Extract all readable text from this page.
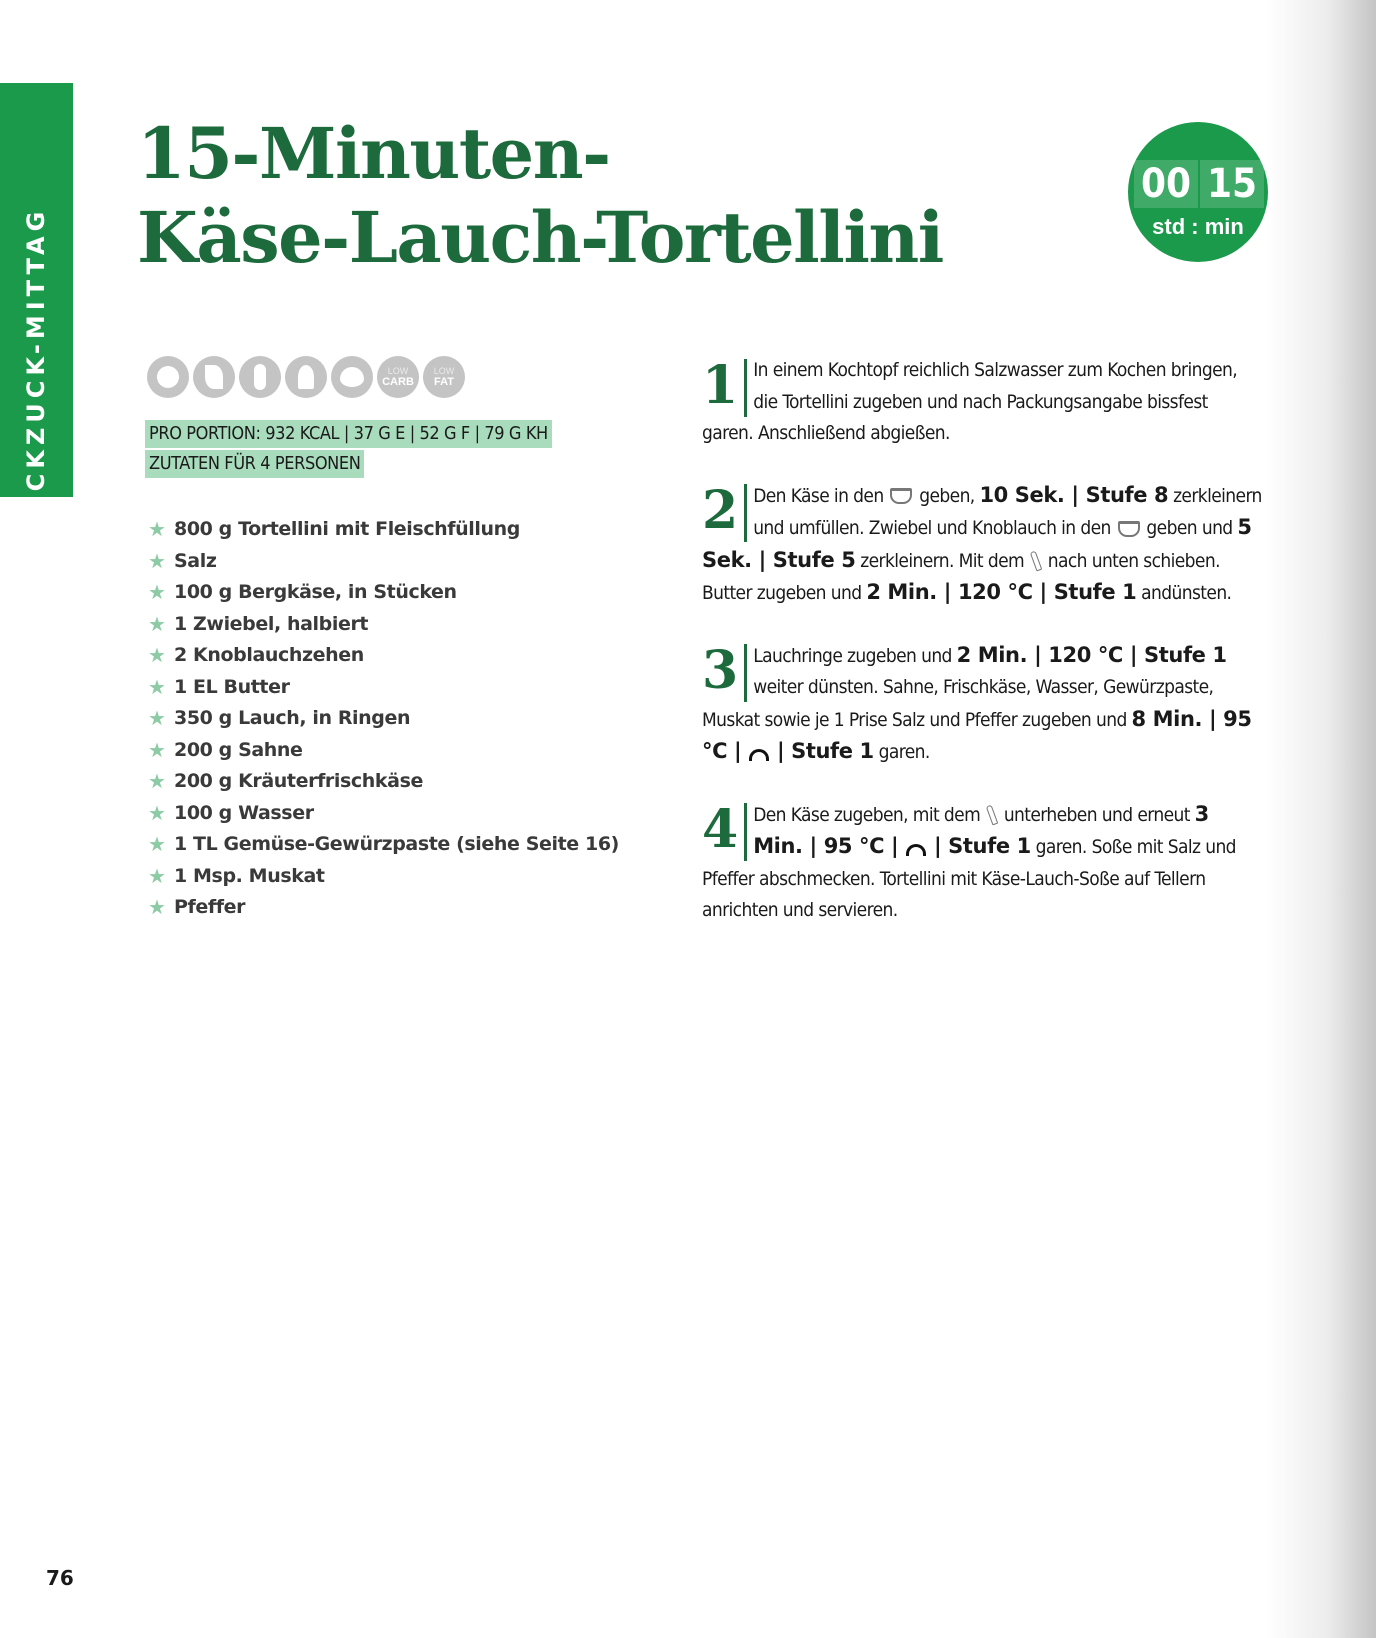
RUCKZUCK-MITTAG
15-Minuten-
Käse-Lauch-Tortellini
00 15
std : min
LOW
CARB
LOW
FAT
PRO PORTION: 932 KCAL | 37 G E | 52 G F | 79 G KH
ZUTATEN FÜR 4 PERSONEN
★ 800 g Tortellini mit Fleischfüllung
★ Salz
★ 100 g Bergkäse, in Stücken
★ 1 Zwiebel, halbiert
★ 2 Knoblauchzehen
★ 1 EL Butter
★ 350 g Lauch, in Ringen
★ 200 g Sahne
★ 200 g Kräuterfrischkäse
★ 100 g Wasser
★ 1 TL Gemüse-Gewürzpaste (siehe Seite 16)
★ 1 Msp. Muskat
★ Pfeffer
1 In einem Kochtopf reichlich Salzwasser zum Kochen bringen, die Tortellini zugeben und nach Packungsangabe bissfest garen. Anschließend abgießen.

2 Den Käse in den geben, 10 Sek. | Stufe 8 zerkleinern und umfüllen. Zwiebel und Knoblauch in den geben und 5 Sek. | Stufe 5 zerkleinern. Mit dem nach unten schieben. Butter zugeben und 2 Min. | 120 °C | Stufe 1 andünsten.

3 Lauchringe zugeben und 2 Min. | 120 °C | Stufe 1 weiter dünsten. Sahne, Frischkäse, Wasser, Gewürzpaste, Muskat sowie je 1 Prise Salz und Pfeffer zugeben und 8 Min. | 95 °C | | Stufe 1 garen.

4 Den Käse zugeben, mit dem unterheben und erneut 3 Min. | 95 °C | | Stufe 1 garen. Soße mit Salz und Pfeffer abschmecken. Tortellini mit Käse-Lauch-Soße auf Tellern anrichten und servieren.

76
